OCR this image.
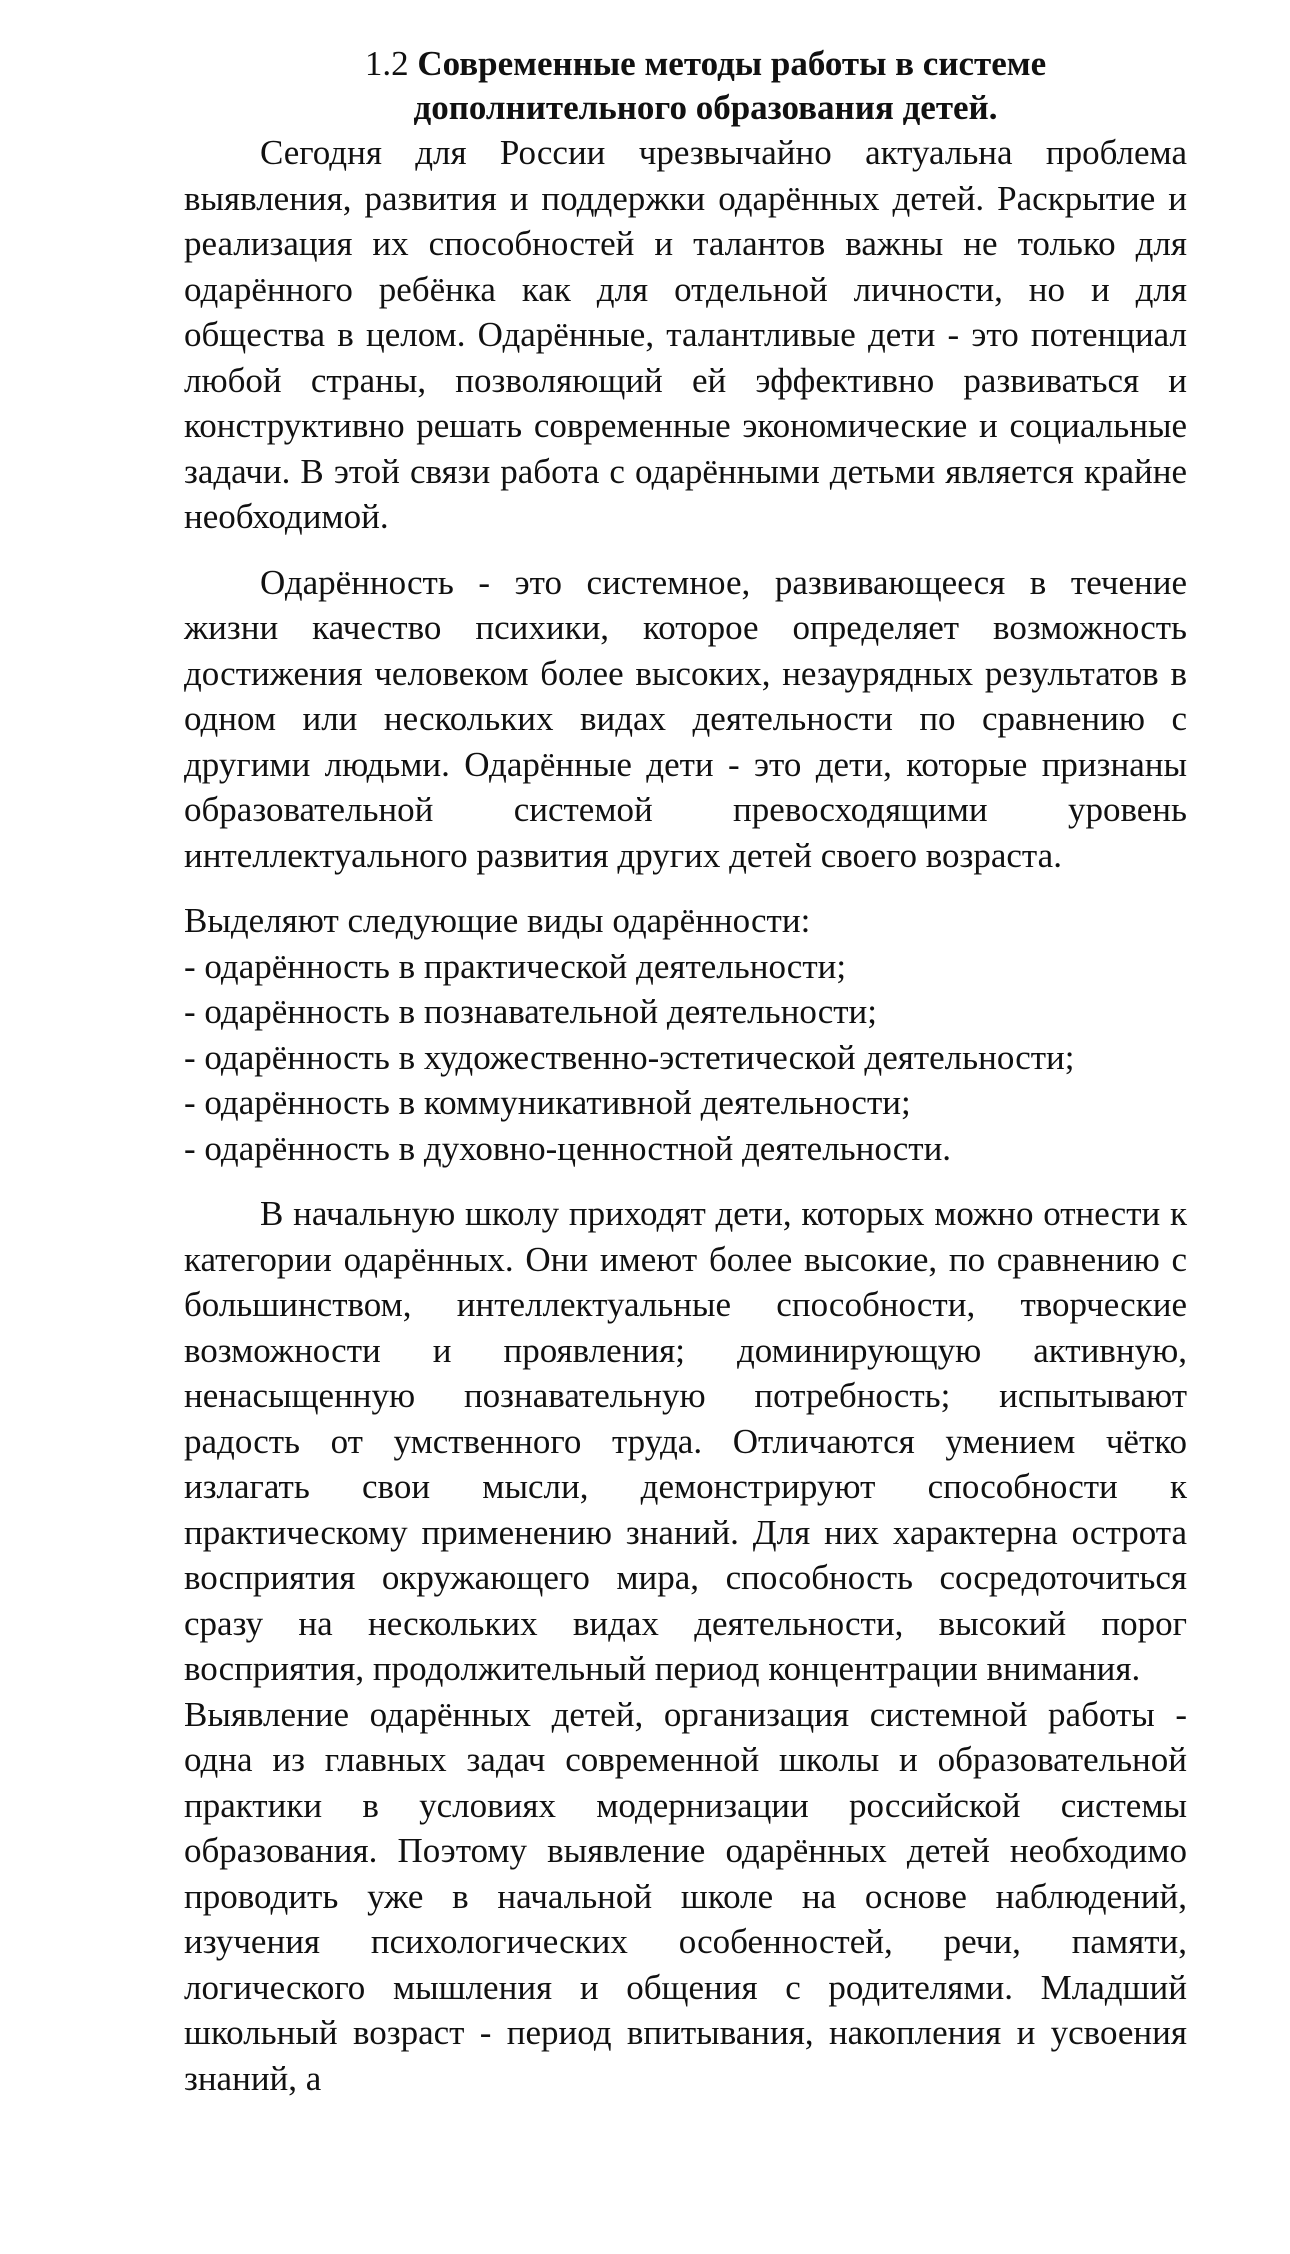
1.2 Современные методы работы в системе
дополнительного образования детей.

Сегодня для России чрезвычайно актуальна проблема выявления, развития и поддержки одарённых детей. Раскрытие и реализация их способностей и талантов важны не только для одарённого ребёнка как для отдельной личности, но и для общества в целом. Одарённые, талантливые дети - это потенциал любой страны, позволяющий ей эффективно развиваться и конструктивно решать современные экономические и социальные задачи. В этой связи работа с одарёнными детьми является крайне необходимой.

Одарённость - это системное, развивающееся в течение жизни качество психики, которое определяет возможность достижения человеком более высоких, незаурядных результатов в одном или нескольких видах деятельности по сравнению с другими людьми. Одарённые дети - это дети, которые признаны образовательной системой превосходящими уровень интеллектуального развития других детей своего возраста.

Выделяют следующие виды одарённости:

- одарённость в практической деятельности;
- одарённость в познавательной деятельности;
- одарённость в художественно-эстетической деятельности;
- одарённость в коммуникативной деятельности;
- одарённость в духовно-ценностной деятельности.

В начальную школу приходят дети, которых можно отнести к категории одарённых. Они имеют более высокие, по сравнению с большинством, интеллектуальные способности, творческие возможности и проявления; доминирующую активную, ненасыщенную познавательную потребность; испытывают радость от умственного труда. Отличаются умением чётко излагать свои мысли, демонстрируют способности к практическому применению знаний. Для них характерна острота восприятия окружающего мира, способность сосредоточиться сразу на нескольких видах деятельности, высокий порог восприятия, продолжительный период концентрации внимания.

Выявление одарённых детей, организация системной работы - одна из главных задач современной школы и образовательной практики в условиях модернизации российской системы образования. Поэтому выявление одарённых детей необходимо проводить уже в начальной школе на основе наблюдений, изучения психологических особенностей, речи, памяти, логического мышления и общения с родителями. Младший школьный возраст - период впитывания, накопления и усвоения знаний, а
